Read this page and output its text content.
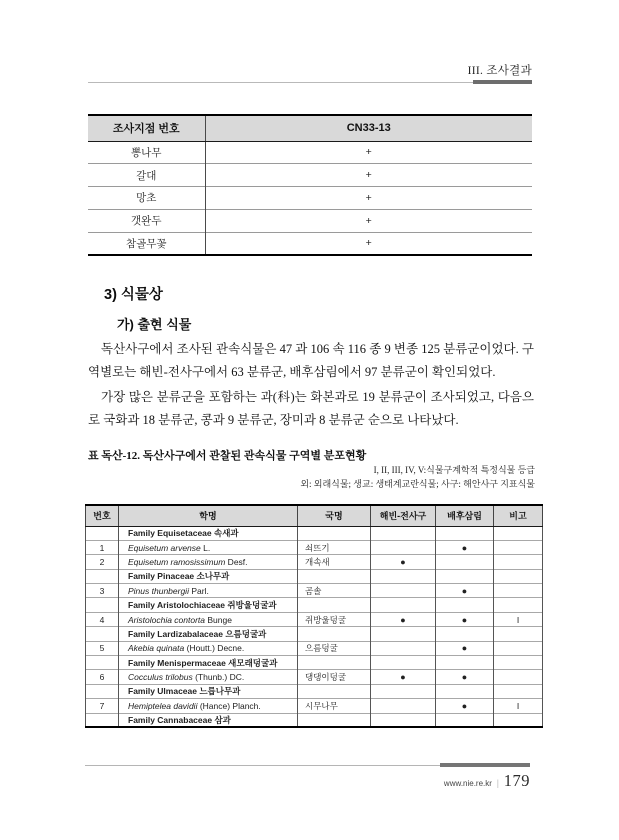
III. 조사결과
조사지점 번호	CN33-13
뽕나무	+
갈대	+
망초	+
갯완두	+
참골무꽃	+
3) 식물상
가) 출현 식물

독산사구에서 조사된 관속식물은 47 과 106 속 116 종 9 변종 125 분류군이었다. 구역별로는 해빈-전사구에서 63 분류군, 배후삼림에서 97 분류군이 확인되었다.

가장 많은 분류군을 포함하는 과(科)는 화본과로 19 분류군이 조사되었고, 다음으로 국화과 18 분류군, 콩과 9 분류군, 장미과 8 분류군 순으로 나타났다.

표 독산-12. 독산사구에서 관찰된 관속식물 구역별 분포현황
I, II, III, IV, V:식물구계학적 특정식물 등급
외: 외래식물; 생교: 생태계교란식물; 사구: 해안사구 지표식물
번호	학명	국명	해빈-전사구	배후삼림	비고
	Family Equisetaceae 속새과				
1	Equisetum arvense L.	쇠뜨기		●	
2	Equisetum ramosissimum Desf.	개속새	●		
	Family Pinaceae 소나무과				
3	Pinus thunbergii Parl.	곰솔		●	
	Family Aristolochiaceae 쥐방울덩굴과				
4	Aristolochia contorta Bunge	쥐방울덩굴	●	●	I
	Family Lardizabalaceae 으름덩굴과				
5	Akebia quinata (Houtt.) Decne.	으름덩굴		●	
	Family Menispermaceae 새모래덩굴과				
6	Cocculus trilobus (Thunb.) DC.	댕댕이덩굴	●	●	
	Family Ulmaceae 느릅나무과				
7	Hemiptelea davidii (Hance) Planch.	시무나무		●	I
	Family Cannabaceae 삼과				
www.nie.re.kr | 179
